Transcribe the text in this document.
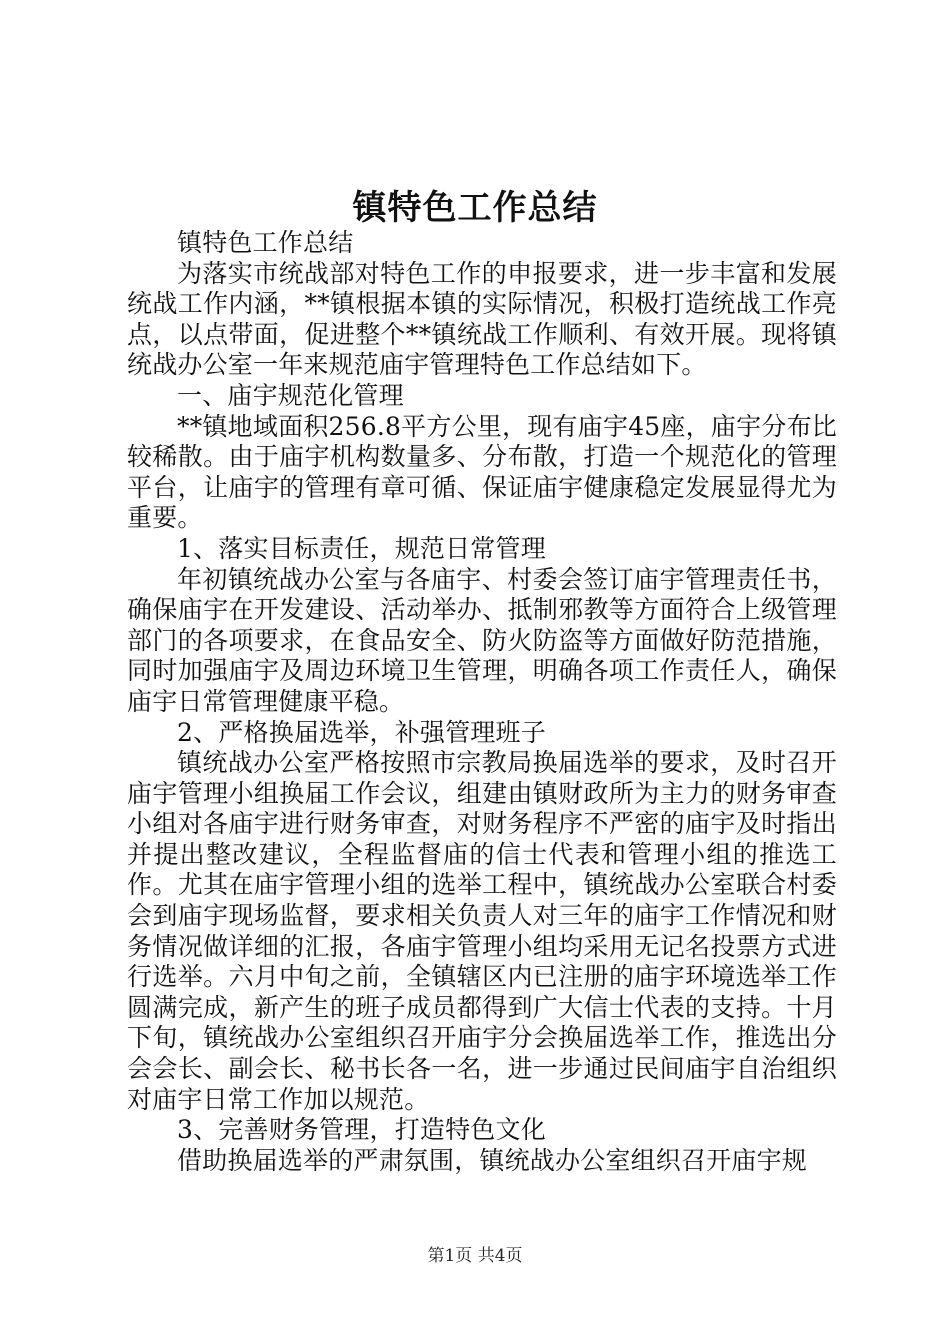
镇特色工作总结

镇特色工作总结

为落实市统战部对特色工作的申报要求，进一步丰富和发展统战工作内涵，**镇根据本镇的实际情况，积极打造统战工作亮点，以点带面，促进整个**镇统战工作顺利、有效开展。现将镇统战办公室一年来规范庙宇管理特色工作总结如下。

一、庙宇规范化管理

**镇地域面积256.8平方公里，现有庙宇45座，庙宇分布比较稀散。由于庙宇机构数量多、分布散，打造一个规范化的管理平台，让庙宇的管理有章可循、保证庙宇健康稳定发展显得尤为重要。

1、落实目标责任，规范日常管理

年初镇统战办公室与各庙宇、村委会签订庙宇管理责任书，确保庙宇在开发建设、活动举办、抵制邪教等方面符合上级管理部门的各项要求，在食品安全、防火防盗等方面做好防范措施，同时加强庙宇及周边环境卫生管理，明确各项工作责任人，确保庙宇日常管理健康平稳。

2、严格换届选举，补强管理班子

镇统战办公室严格按照市宗教局换届选举的要求，及时召开庙宇管理小组换届工作会议，组建由镇财政所为主力的财务审查小组对各庙宇进行财务审查，对财务程序不严密的庙宇及时指出并提出整改建议，全程监督庙的信士代表和管理小组的推选工作。尤其在庙宇管理小组的选举工程中，镇统战办公室联合村委会到庙宇现场监督，要求相关负责人对三年的庙宇工作情况和财务情况做详细的汇报，各庙宇管理小组均采用无记名投票方式进行选举。六月中旬之前，全镇辖区内已注册的庙宇环境选举工作圆满完成，新产生的班子成员都得到广大信士代表的支持。十月下旬，镇统战办公室组织召开庙宇分会换届选举工作，推选出分会会长、副会长、秘书长各一名，进一步通过民间庙宇自治组织对庙宇日常工作加以规范。

3、完善财务管理，打造特色文化

借助换届选举的严肃氛围，镇统战办公室组织召开庙宇规

第1页 共4页
